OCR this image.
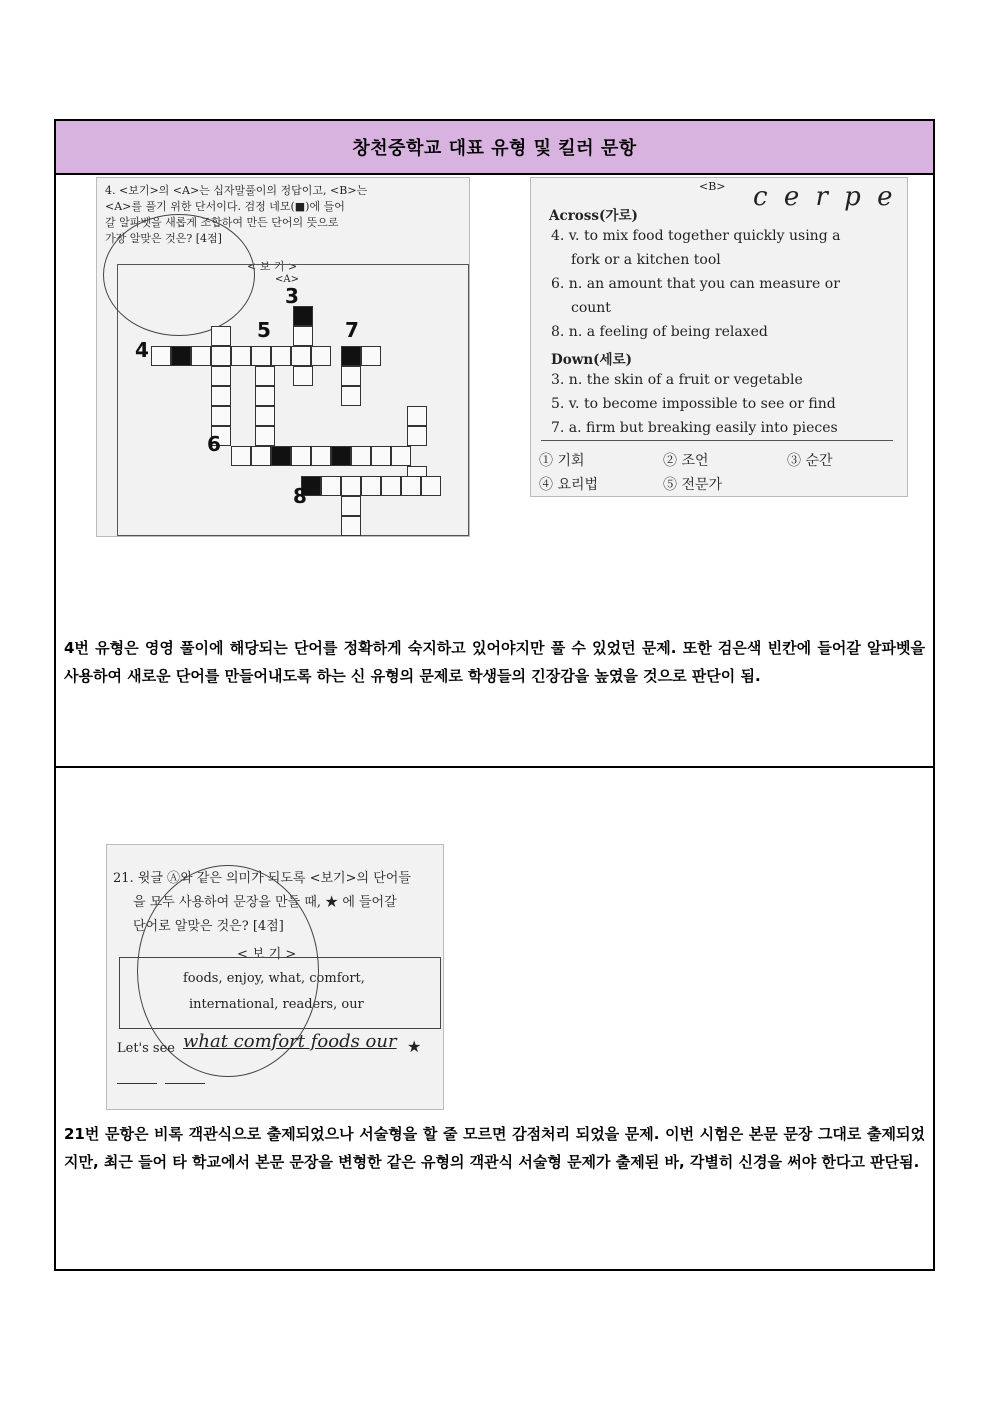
창천중학교 대표 유형 및 킬러 문항
4. <보기>의 <A>는 십자말풀이의 정답이고, <B>는
<A>를 풀기 위한 단서이다. 검정 네모(■)에 들어
갈 알파벳을 새롭게 조합하여 만든 단어의 뜻으로
가장 알맞은 것은? [4점]
< 보 기 >
<A>
3
4
5	7
6
8
<B>	c e r p e
Across(가로)
4. v. to mix food together quickly using a
fork or a kitchen tool
6. n. an amount that you can measure or
count
8. n. a feeling of being relaxed
Down(세로)
3. n. the skin of a fruit or vegetable
5. v. to become impossible to see or find
7. a. firm but breaking easily into pieces
① 기회	② 조언	③ 순간
④ 요리법	⑤ 전문가
4번 유형은 영영 풀이에 해당되는 단어를 정확하게 숙지하고 있어야지만 풀 수 있었던 문제. 또한 검은색 빈칸에 들어갈 알파벳을 사용하여 새로운 단어를 만들어내도록 하는 신 유형의 문제로 학생들의 긴장감을 높였을 것으로 판단이 됨.
21. 윗글 Ⓐ와 같은 의미가 되도록 <보기>의 단어들
을 모두 사용하여 문장을 만들 때, ★ 에 들어갈
단어로 알맞은 것은? [4점]
< 보 기 >
foods, enjoy, what, comfort,
international, readers, our
Let's see what comfort foods our ★
21번 문항은 비록 객관식으로 출제되었으나 서술형을 할 줄 모르면 감점처리 되었을 문제. 이번 시험은 본문 문장 그대로 출제되었지만, 최근 들어 타 학교에서 본문 문장을 변형한 같은 유형의 객관식 서술형 문제가 출제된 바, 각별히 신경을 써야 한다고 판단됨.
